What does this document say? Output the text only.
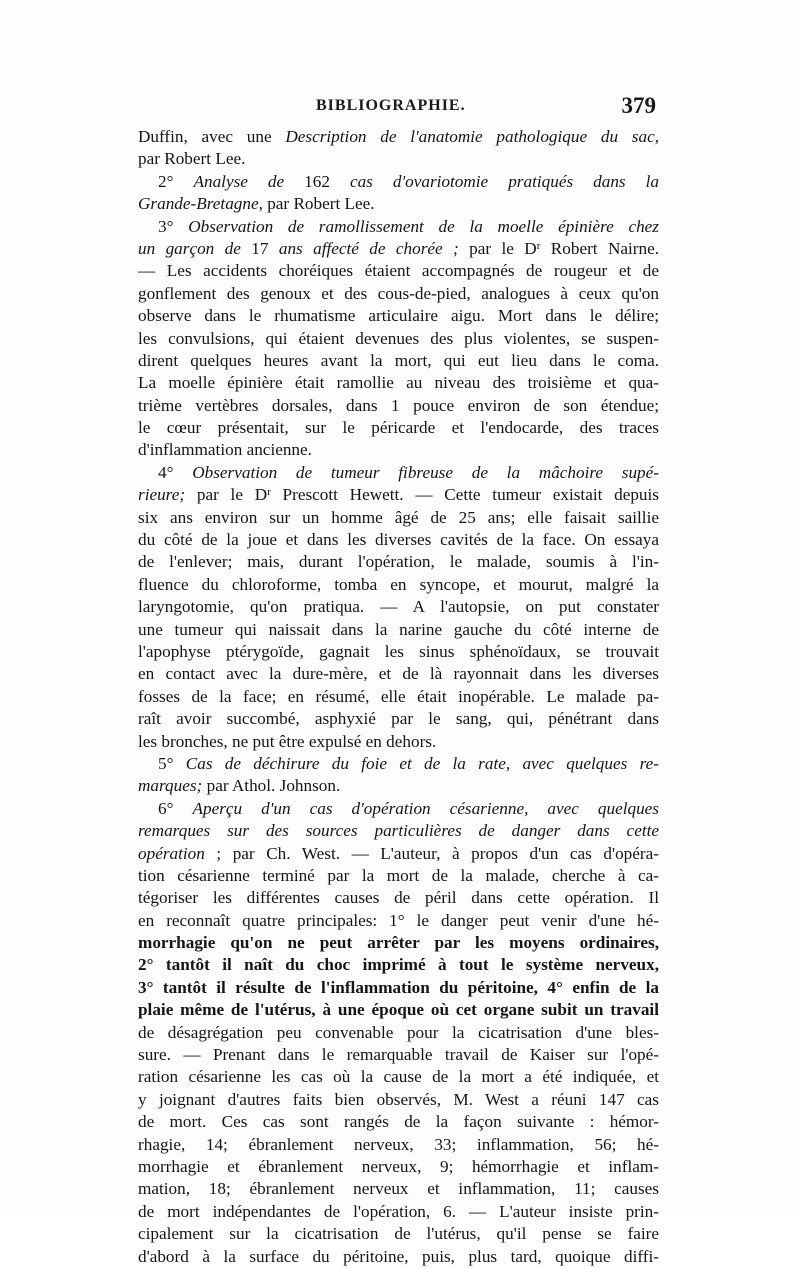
BIBLIOGRAPHIE.	379
Duffin, avec une Description de l'anatomie pathologique du sac,
par Robert Lee.
2° Analyse de 162 cas d'ovariotomie pratiqués dans la
Grande-Bretagne, par Robert Lee.
3° Observation de ramollissement de la moelle épinière chez
un garçon de 17 ans affecté de chorée ; par le $D^r$ Robert Nairne.
— Les accidents choréiques étaient accompagnés de rougeur et de
gonflement des genoux et des cous-de-pied, analogues à ceux qu'on
observe dans le rhumatisme articulaire aigu. Mort dans le délire;
les convulsions, qui étaient devenues des plus violentes, se suspen-
dirent quelques heures avant la mort, qui eut lieu dans le coma.
La moelle épinière était ramollie au niveau des troisième et qua-
trième vertèbres dorsales, dans 1 pouce environ de son étendue;
le cœur présentait, sur le péricarde et l'endocarde, des traces
d'inflammation ancienne.
4° Observation de tumeur fibreuse de la mâchoire supé-
rieure; par le $D^r$ Prescott Hewett. — Cette tumeur existait depuis
six ans environ sur un homme âgé de 25 ans; elle faisait saillie
du côté de la joue et dans les diverses cavités de la face. On essaya
de l'enlever; mais, durant l'opération, le malade, soumis à l'in-
fluence du chloroforme, tomba en syncope, et mourut, malgré la
laryngotomie, qu'on pratiqua. — A l'autopsie, on put constater
une tumeur qui naissait dans la narine gauche du côté interne de
l'apophyse ptérygoïde, gagnait les sinus sphénoïdaux, se trouvait
en contact avec la dure-mère, et de là rayonnait dans les diverses
fosses de la face; en résumé, elle était inopérable. Le malade pa-
raît avoir succombé, asphyxié par le sang, qui, pénétrant dans
les bronches, ne put être expulsé en dehors.
5° Cas de déchirure du foie et de la rate, avec quelques re-
marques; par Athol. Johnson.
6° Aperçu d'un cas d'opération césarienne, avec quelques
remarques sur des sources particulières de danger dans cette
opération ; par Ch. West. — L'auteur, à propos d'un cas d'opéra-
tion césarienne terminé par la mort de la malade, cherche à ca-
tégoriser les différentes causes de péril dans cette opération. Il
en reconnaît quatre principales: 1° le danger peut venir d'une hé-
morrhagie qu'on ne peut arrêter par les moyens ordinaires,
2° tantôt il naît du choc imprimé à tout le système nerveux,
3° tantôt il résulte de l'inflammation du péritoine, 4° enfin de la
plaie même de l'utérus, à une époque où cet organe subit un travail
de désagrégation peu convenable pour la cicatrisation d'une bles-
sure. — Prenant dans le remarquable travail de Kaiser sur l'opé-
ration césarienne les cas où la cause de la mort a été indiquée, et
y joignant d'autres faits bien observés, M. West a réuni 147 cas
de mort. Ces cas sont rangés de la façon suivante : hémor-
rhagie, 14; ébranlement nerveux, 33; inflammation, 56; hé-
morrhagie et ébranlement nerveux, 9; hémorrhagie et inflam-
mation, 18; ébranlement nerveux et inflammation, 11; causes
de mort indépendantes de l'opération, 6. — L'auteur insiste prin-
cipalement sur la cicatrisation de l'utérus, qu'il pense se faire
d'abord à la surface du péritoine, puis, plus tard, quoique diffi-
